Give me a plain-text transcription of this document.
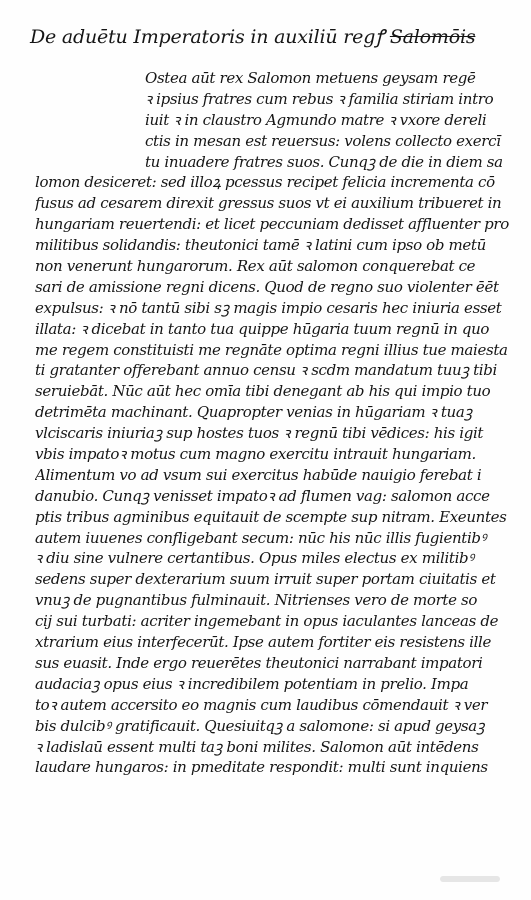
De aduētu Imperatoris in auxiliū regꝭ Salomōis
Ostea aūt rex Salomon metuens geysam regē
ꝛ ipsius fratres cum rebus ꝛ familia stiriam intro
iuit ꝛ in claustro Agmundo matre ꝛ vxore dereli
ctis in mesan est reuersus: volens collecto exercī
tu inuadere fratres suos. Cunqꝫ de die in diem sa
lomon desiceret: sed illoꝝ pcessus recipet felicia incrementa cō
fusus ad cesarem direxit gressus suos vt ei auxilium tribueret in
hungariam reuertendi: et licet peccuniam dedisset affluenter pro
militibus solidandis: theutonici tamē ꝛ latini cum ipso ob metū
non venerunt hungarorum. Rex aūt salomon conquerebat ce
sari de amissione regni dicens. Quod de regno suo violenter ēēt
expulsus: ꝛ nō tantū sibi sꝫ magis impio cesaris hec iniuria esset
illata: ꝛ dicebat in tanto tua quippe hūgaria tuum regnū in quo
me regem constituisti me regnāte optima regni illius tue maiesta
ti gratanter offerebant annuo censu ꝛ scdm mandatum tuuꝫ tibi
seruiebāt. Nūc aūt hec omīa tibi denegant ab his qui impio tuo
detrimēta machinant. Quapropter venias in hūgariam ꝛ tuaꝫ
vlciscaris iniuriaꝫ sup hostes tuos ꝛ regnū tibi vēdices: his igit
vbis impatoꝛ motus cum magno exercitu intrauit hungariam.
Alimentum vo ad vsum sui exercitus habūde nauigio ferebat i
danubio. Cunqꝫ venisset impatoꝛ ad flumen vag: salomon acce
ptis tribus agminibus equitauit de scempte sup nitram. Exeuntes
autem iuuenes confligebant secum: nūc his nūc illis fugientibꝰ
ꝛ diu sine vulnere certantibus. Opus miles electus ex militibꝰ
sedens super dexterarium suum irruit super portam ciuitatis et
vnuꝫ de pugnantibus fulminauit. Nitrienses vero de morte so
cij sui turbati: acriter ingemebant in opus iaculantes lanceas de
xtrarium eius interfecerūt. Ipse autem fortiter eis resistens ille
sus euasit. Inde ergo reuerētes theutonici narrabant impatori
audaciaꝫ opus eius ꝛ incredibilem potentiam in prelio. Impa
toꝛ autem accersito eo magnis cum laudibus cōmendauit ꝛ ver
bis dulcibꝰ gratificauit. Quesiuitqꝫ a salomone: si apud geysaꝫ
ꝛ ladislaū essent multi taꝫ boni milites. Salomon aūt intēdens
laudare hungaros: in pmeditate respondit: multi sunt inquiens
